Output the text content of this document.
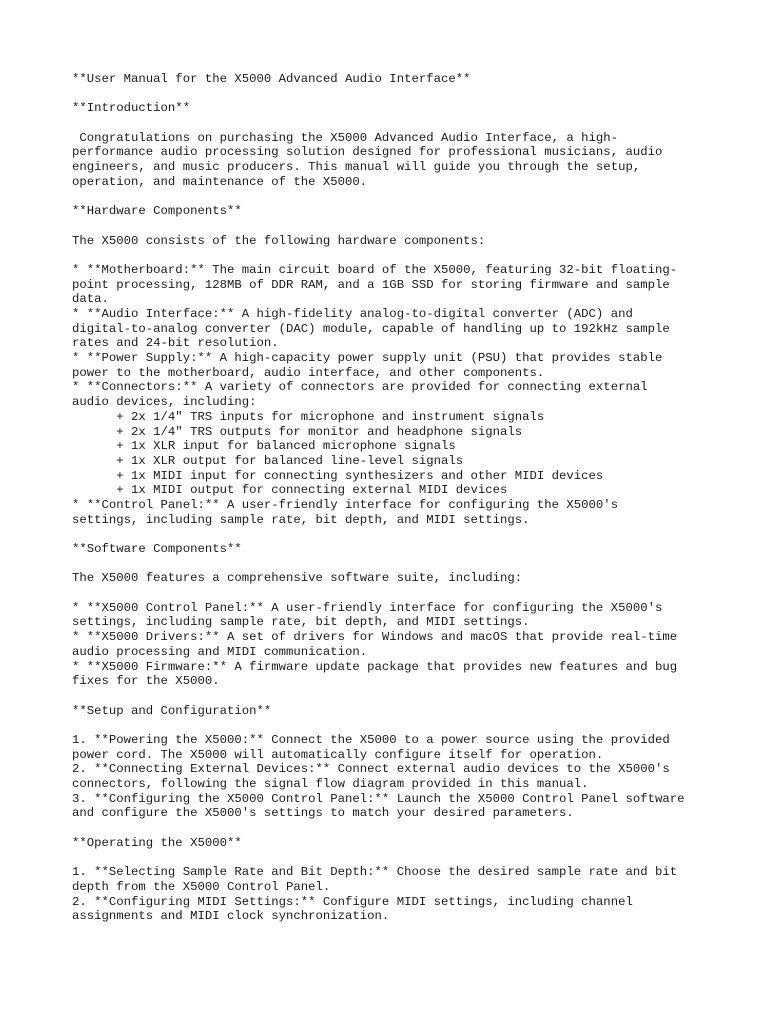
**User Manual for the X5000 Advanced Audio Interface**
**Introduction**
Congratulations on purchasing the X5000 Advanced Audio Interface, a high-
performance audio processing solution designed for professional musicians, audio
engineers, and music producers. This manual will guide you through the setup,
operation, and maintenance of the X5000.
**Hardware Components**
The X5000 consists of the following hardware components:
* **Motherboard:** The main circuit board of the X5000, featuring 32-bit floating-
point processing, 128MB of DDR RAM, and a 1GB SSD for storing firmware and sample
data.
* **Audio Interface:** A high-fidelity analog-to-digital converter (ADC) and
digital-to-analog converter (DAC) module, capable of handling up to 192kHz sample
rates and 24-bit resolution.
* **Power Supply:** A high-capacity power supply unit (PSU) that provides stable
power to the motherboard, audio interface, and other components.
* **Connectors:** A variety of connectors are provided for connecting external
audio devices, including:
+ 2x 1/4" TRS inputs for microphone and instrument signals
+ 2x 1/4" TRS outputs for monitor and headphone signals
+ 1x XLR input for balanced microphone signals
+ 1x XLR output for balanced line-level signals
+ 1x MIDI input for connecting synthesizers and other MIDI devices
+ 1x MIDI output for connecting external MIDI devices
* **Control Panel:** A user-friendly interface for configuring the X5000's
settings, including sample rate, bit depth, and MIDI settings.
**Software Components**
The X5000 features a comprehensive software suite, including:
* **X5000 Control Panel:** A user-friendly interface for configuring the X5000's
settings, including sample rate, bit depth, and MIDI settings.
* **X5000 Drivers:** A set of drivers for Windows and macOS that provide real-time
audio processing and MIDI communication.
* **X5000 Firmware:** A firmware update package that provides new features and bug
fixes for the X5000.
**Setup and Configuration**
1. **Powering the X5000:** Connect the X5000 to a power source using the provided
power cord. The X5000 will automatically configure itself for operation.
2. **Connecting External Devices:** Connect external audio devices to the X5000's
connectors, following the signal flow diagram provided in this manual.
3. **Configuring the X5000 Control Panel:** Launch the X5000 Control Panel software
and configure the X5000's settings to match your desired parameters.
**Operating the X5000**
1. **Selecting Sample Rate and Bit Depth:** Choose the desired sample rate and bit
depth from the X5000 Control Panel.
2. **Configuring MIDI Settings:** Configure MIDI settings, including channel
assignments and MIDI clock synchronization.
